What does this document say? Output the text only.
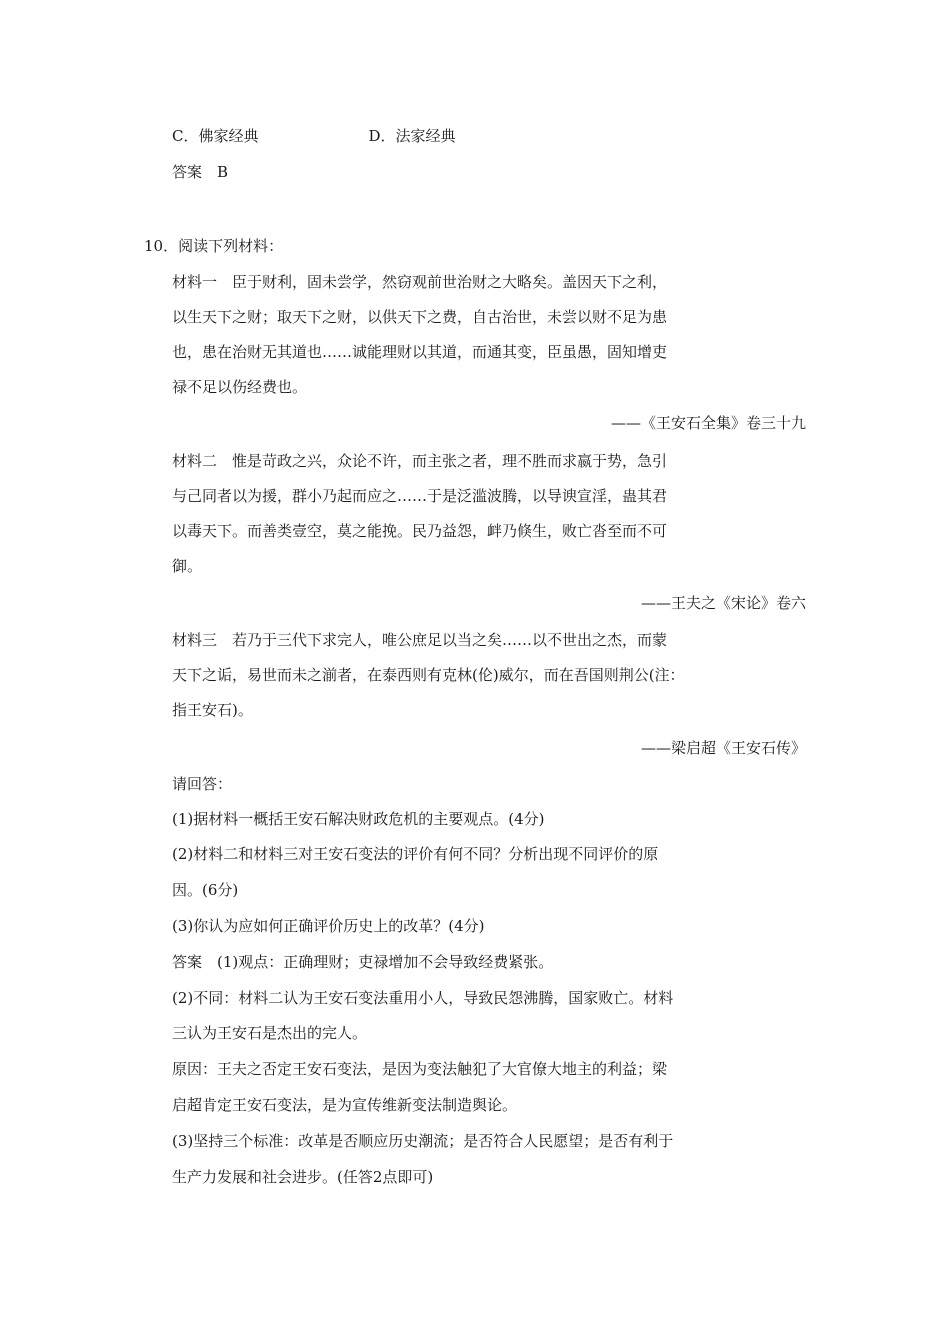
C．佛家经典	D．法家经典
答案　B
10．阅读下列材料：
材料一　臣于财利，固未尝学，然窃观前世治财之大略矣。盖因天下之利，
以生天下之财；取天下之财，以供天下之费，自古治世，未尝以财不足为患
也，患在治财无其道也……诚能理财以其道，而通其变，臣虽愚，固知增吏
禄不足以伤经费也。
——《王安石全集》卷三十九
材料二　惟是苛政之兴，众论不许，而主张之者，理不胜而求嬴于势，急引
与己同者以为援，群小乃起而应之……于是泛滥波腾，以导谀宣淫，蛊其君
以毒天下。而善类壹空，莫之能挽。民乃益怨，衅乃倏生，败亡沓至而不可
御。
——王夫之《宋论》卷六
材料三　若乃于三代下求完人，唯公庶足以当之矣……以不世出之杰，而蒙
天下之诟，易世而未之湔者，在泰西则有克林(伦)威尔，而在吾国则荆公(注：
指王安石)。
——梁启超《王安石传》
请回答：
(1)据材料一概括王安石解决财政危机的主要观点。(4分)
(2)材料二和材料三对王安石变法的评价有何不同？分析出现不同评价的原
因。(6分)
(3)你认为应如何正确评价历史上的改革？(4分)
答案　(1)观点：正确理财；吏禄增加不会导致经费紧张。
(2)不同：材料二认为王安石变法重用小人，导致民怨沸腾，国家败亡。材料
三认为王安石是杰出的完人。
原因：王夫之否定王安石变法，是因为变法触犯了大官僚大地主的利益；梁
启超肯定王安石变法，是为宣传维新变法制造舆论。
(3)坚持三个标准：改革是否顺应历史潮流；是否符合人民愿望；是否有利于
生产力发展和社会进步。(任答2点即可)
